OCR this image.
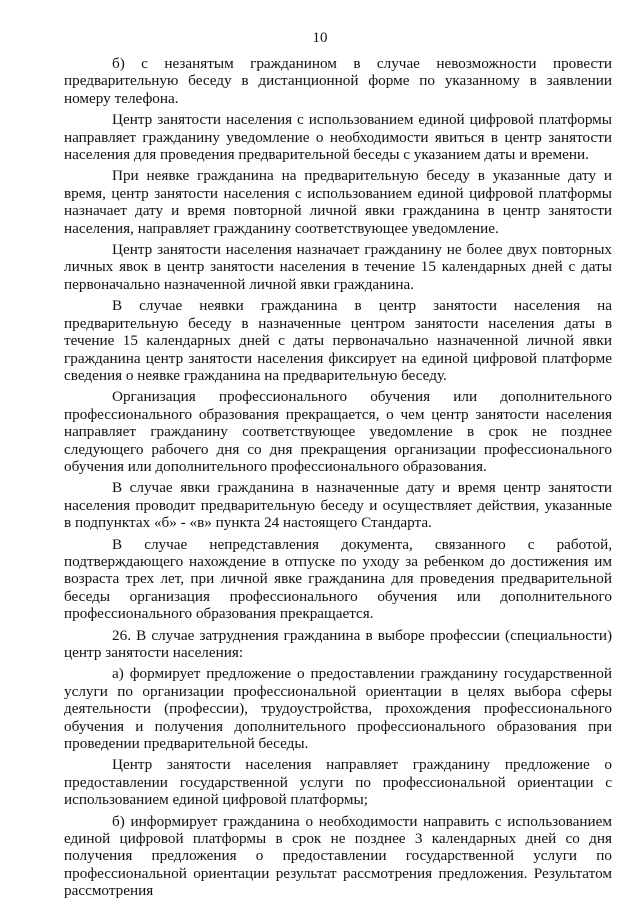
10

б) с незанятым гражданином в случае невозможности провести предварительную беседу в дистанционной форме по указанному в заявлении номеру телефона.

Центр занятости населения с использованием единой цифровой платформы направляет гражданину уведомление о необходимости явиться в центр занятости населения для проведения предварительной беседы с указанием даты и времени.

При неявке гражданина на предварительную беседу в указанные дату и время, центр занятости населения с использованием единой цифровой платформы назначает дату и время повторной личной явки гражданина в центр занятости населения, направляет гражданину соответствующее уведомление.

Центр занятости населения назначает гражданину не более двух повторных личных явок в центр занятости населения в течение 15 календарных дней с даты первоначально назначенной личной явки гражданина.

В случае неявки гражданина в центр занятости населения на предварительную беседу в назначенные центром занятости населения даты в течение 15 календарных дней с даты первоначально назначенной личной явки гражданина центр занятости населения фиксирует на единой цифровой платформе сведения о неявке гражданина на предварительную беседу.

Организация профессионального обучения или дополнительного профессионального образования прекращается, о чем центр занятости населения направляет гражданину соответствующее уведомление в срок не позднее следующего рабочего дня со дня прекращения организации профессионального обучения или дополнительного профессионального образования.

В случае явки гражданина в назначенные дату и время центр занятости населения проводит предварительную беседу и осуществляет действия, указанные в подпунктах «б» - «в» пункта 24 настоящего Стандарта.

В случае непредставления документа, связанного с работой, подтверждающего нахождение в отпуске по уходу за ребенком до достижения им возраста трех лет, при личной явке гражданина для проведения предварительной беседы организация профессионального обучения или дополнительного профессионального образования прекращается.

26. В случае затруднения гражданина в выборе профессии (специальности) центр занятости населения:

а) формирует предложение о предоставлении гражданину государственной услуги по организации профессиональной ориентации в целях выбора сферы деятельности (профессии), трудоустройства, прохождения профессионального обучения и получения дополнительного профессионального образования при проведении предварительной беседы.

Центр занятости населения направляет гражданину предложение о предоставлении государственной услуги по профессиональной ориентации с использованием единой цифровой платформы;

б) информирует гражданина о необходимости направить с использованием единой цифровой платформы в срок не позднее 3 календарных дней со дня получения предложения о предоставлении государственной услуги по профессиональной ориентации результат рассмотрения предложения. Результатом рассмотрения
